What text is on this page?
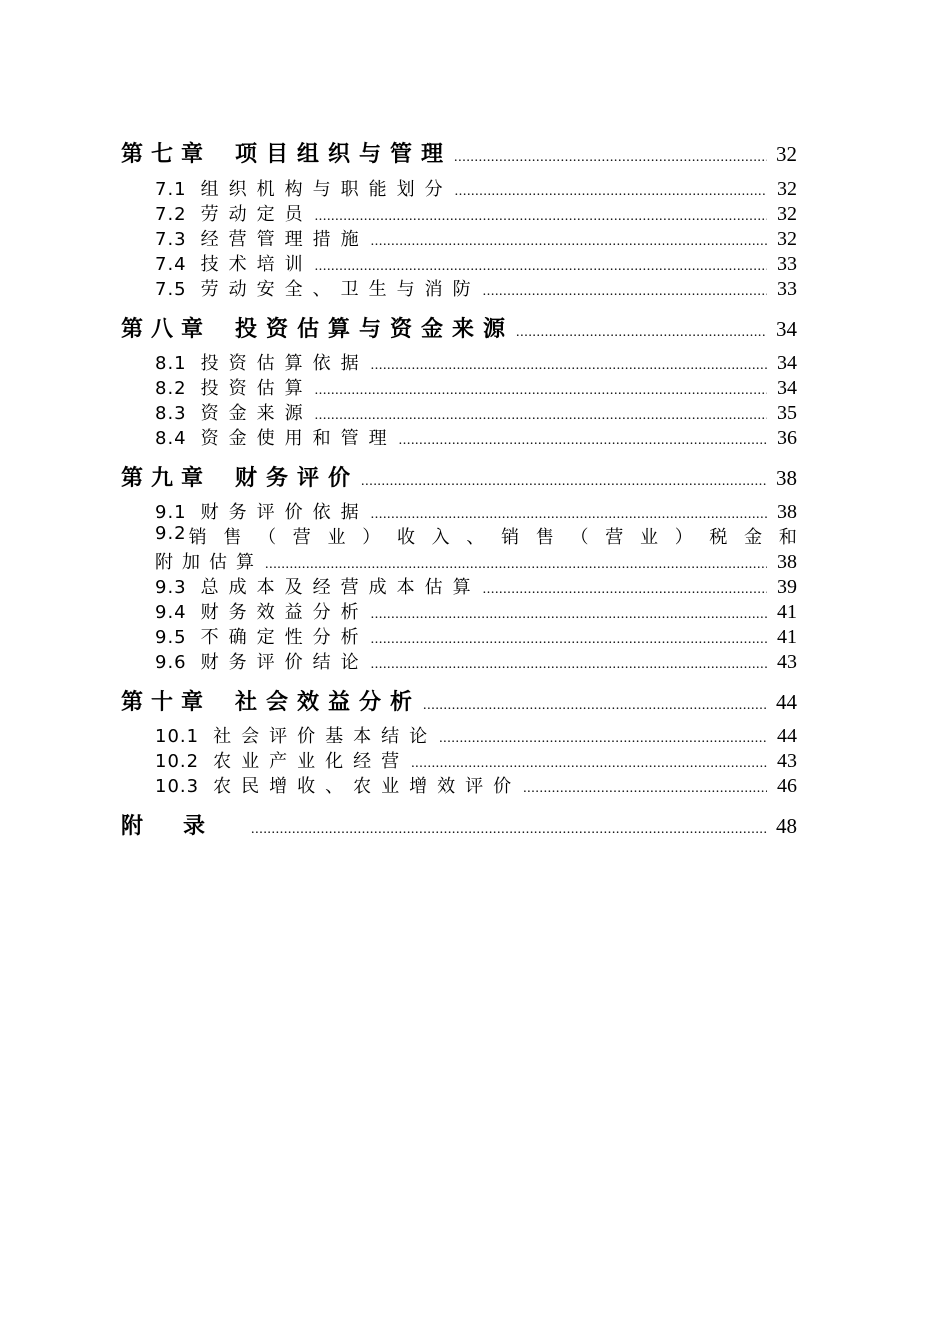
第七章 项目组织与管理 .....	32
7.1 组织机构与职能划分 .....	32
7.2 劳动定员 .....	32
7.3 经营管理措施 .....	32
7.4 技术培训 .....	33
7.5 劳动安全、卫生与消防 .....	33
第八章 投资估算与资金来源 .....	34
8.1 投资估算依据 .....	34
8.2 投资估算 .....	34
8.3 资金来源 .....	35
8.4 资金使用和管理 .....	36
第九章 财务评价 .....	38
9.1 财务评价依据 .....	38
9.2 销 售 （ 营 业 ） 收 入 、 销 售 （ 营 业 ） 税 金 和
附加估算 .....	38
9.3 总成本及经营成本估算 .....	39
9.4 财务效益分析 .....	41
9.5 不确定性分析 .....	41
9.6 财务评价结论 .....	43
第十章 社会效益分析 .....	44
10.1 社会评价基本结论 .....	44
10.2 农业产业化经营 .....	43
10.3 农民增收、农业增效评价 .....	46
附录 .....	48
